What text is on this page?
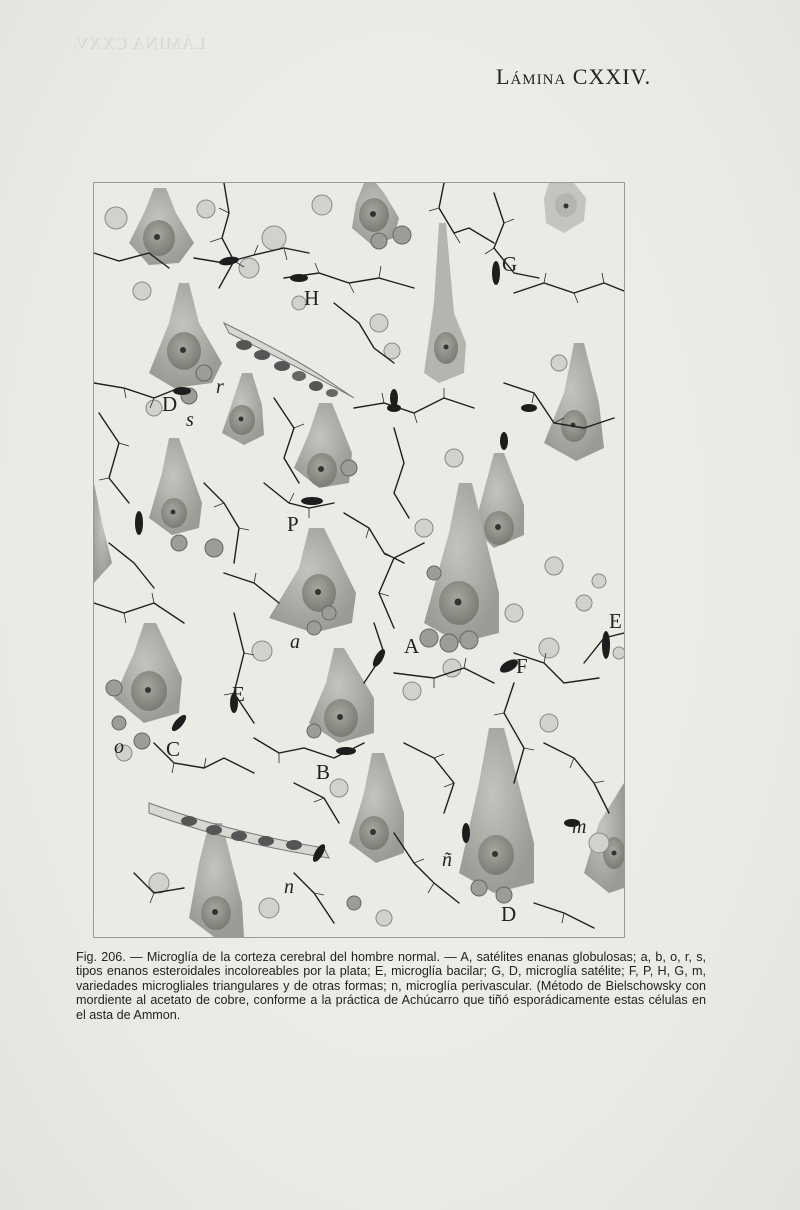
LÁMINA CXXV.
Lámina CXXIV.
H
G
D
s
r
P
a	A
E
E
F
C
o
B
ñ
m
n
D
Fig. 206. — Microglía de la corteza cerebral del hombre normal. — A, satélites enanas globulosas; a, b, o, r, s, tipos enanos esteroidales incoloreables por la plata; E, microglía bacilar; G, D, microglía satélite; F, P, H, G, m, variedades microgliales triangulares y de otras formas; n, microglía perivascular. (Método de Bielschowsky con mordiente al acetato de cobre, conforme a la práctica de Achúcarro que tiñó esporádicamente estas células en el asta de Ammon.
